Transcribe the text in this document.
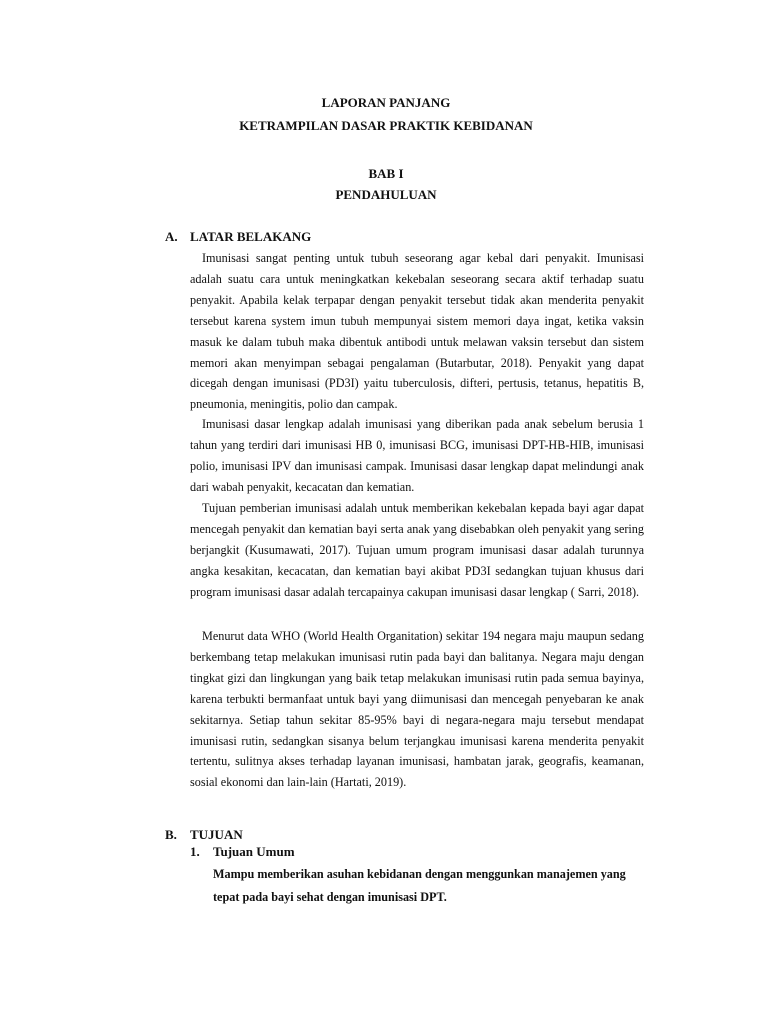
LAPORAN PANJANG
KETRAMPILAN DASAR PRAKTIK KEBIDANAN
BAB I
PENDAHULUAN
A. LATAR BELAKANG

Imunisasi sangat penting untuk tubuh seseorang agar kebal dari penyakit. Imunisasi adalah suatu cara untuk meningkatkan kekebalan seseorang secara aktif terhadap suatu penyakit. Apabila kelak terpapar dengan penyakit tersebut tidak akan menderita penyakit tersebut karena system imun tubuh mempunyai sistem memori daya ingat, ketika vaksin masuk ke dalam tubuh maka dibentuk antibodi untuk melawan vaksin tersebut dan sistem memori akan menyimpan sebagai pengalaman (Butarbutar, 2018). Penyakit yang dapat dicegah dengan imunisasi (PD3I) yaitu tuberculosis, difteri, pertusis, tetanus, hepatitis B, pneumonia, meningitis, polio dan campak.

Imunisasi dasar lengkap adalah imunisasi yang diberikan pada anak sebelum berusia 1 tahun yang terdiri dari imunisasi HB 0, imunisasi BCG, imunisasi DPT-HB-HIB, imunisasi polio, imunisasi IPV dan imunisasi campak. Imunisasi dasar lengkap dapat melindungi anak dari wabah penyakit, kecacatan dan kematian.

Tujuan pemberian imunisasi adalah untuk memberikan kekebalan kepada bayi agar dapat mencegah penyakit dan kematian bayi serta anak yang disebabkan oleh penyakit yang sering berjangkit (Kusumawati, 2017). Tujuan umum program imunisasi dasar adalah turunnya angka kesakitan, kecacatan, dan kematian bayi akibat PD3I sedangkan tujuan khusus dari program imunisasi dasar adalah tercapainya cakupan imunisasi dasar lengkap ( Sarri, 2018).

Menurut data WHO (World Health Organitation) sekitar 194 negara maju maupun sedang berkembang tetap melakukan imunisasi rutin pada bayi dan balitanya. Negara maju dengan tingkat gizi dan lingkungan yang baik tetap melakukan imunisasi rutin pada semua bayinya, karena terbukti bermanfaat untuk bayi yang diimunisasi dan mencegah penyebaran ke anak sekitarnya. Setiap tahun sekitar 85-95% bayi di negara-negara maju tersebut mendapat imunisasi rutin, sedangkan sisanya belum terjangkau imunisasi karena menderita penyakit tertentu, sulitnya akses terhadap layanan imunisasi, hambatan jarak, geografis, keamanan, sosial ekonomi dan lain-lain (Hartati, 2019).

B. TUJUAN
1. Tujuan Umum

Mampu memberikan asuhan kebidanan dengan menggunkan manajemen yang tepat pada bayi sehat dengan imunisasi DPT.
